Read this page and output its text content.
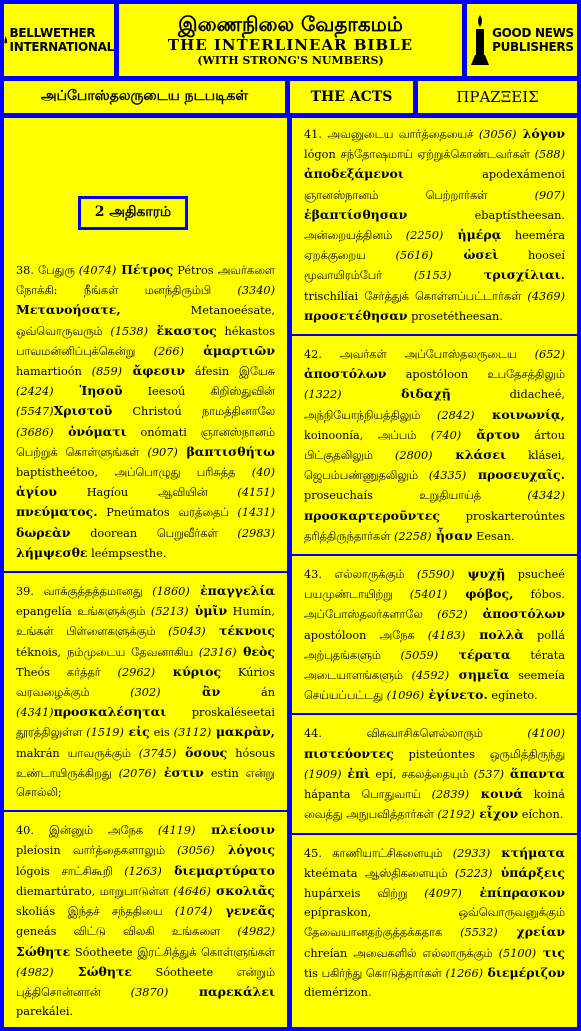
BELLWETHER
INTERNATIONAL
இணைநிலை வேதாகமம்
THE INTERLINEAR BIBLE
(WITH STRONG'S NUMBERS)
GOOD NEWS
PUBLISHERS
அப்போஸ்தலருடைய நடபடிகள்	THE ACTS	ΠΡΑΖΞΕΙΣ

38. பேதுரு (4074) Πέτρος Pétros அவர்களை நோக்கி: நீங்கள் மனந்திரும்பி (3340) Μετανοήσατε, Metanoeésate, ஒவ்வொருவரும் (1538) ἕκαστος hékastos பாவமன்னிப்புக்கென்று (266) ἁμαρτιῶν hamartioón (859) ἄφεσιν áfesin இயேசு (2424) Ἰησοῦ Ieesoú கிறிஸ்துவின் (5547)Χριστοῦ Christoú நாமத்தினாலே (3686) ὀνόματι onómati ஞானஸ்நானம் பெற்றுக் கொள்ளுங்கள் (907) βαπτισθήτω baptistheétoo, அப்பொழுது பரிசுத்த (40) ἁγίου Hagíou ஆவியின் (4151) πνεύματος. Pneúmatos வரத்தைப் (1431) δωρεὰν doorean பெறுவீர்கள் (2983) λήμψεσθε leémpsesthe.

39. வாக்குத்தத்தமானது (1860) ἐπαγγελία epangelía உங்களுக்கும் (5213) ὑμῖν Humín, உங்கள் பிள்ளைகளுக்கும் (5043) τέκνοις téknois, நம்முடைய தேவனாகிய (2316) θεὸς Theós கர்த்தர் (2962) κύριος Kúrios வரவழைக்கும் (302) ἂν án (4341)προσκαλέσηται proskaléseetai தூரத்திலுள்ள (1519) εἰς eis (3112) μακρὰν, makrán யாவருக்கும் (3745) ὅσους hósous உண்டாயிருக்கிறது (2076) ἐστιν estin என்று சொல்லி;

40. இன்னும் அநேக (4119) πλείοσιν pleíosin வார்த்தைகளாலும் (3056) λόγοις lógois சாட்சிகூறி (1263) διεμαρτύρατο diemartúrato, மாறுபாடுள்ள (4646) σκολιᾶς skoliás இந்தச் சந்ததியை (1074) γενεᾶς geneás விட்டு விலகி உங்களை (4982) Σώθητε Sóotheete இரட்சித்துக் கொள்ளுங்கள் (4982) Σώθητε Sóotheete என்றும் புத்திசொன்னான் (3870) παρεκάλει parekálei.

2 அதிகாரம்

41. அவனுடைய வார்த்தையைச் (3056) λόγον lógon சந்தோஷமாய் ஏற்றுக்கொண்டவர்கள் (588) ἀποδεξάμενοι apodexámenoi ஞானஸ்நானம் பெற்றார்கள் (907) ἐβαπτίσθησαν ebaptístheesan. அன்றையத்தினம் (2250) ἡμέρᾳ heeméra ஏறக்குறைய (5616) ὡσεὶ hooseí மூவாயிரம்பேர் (5153) τρισχίλιαι. trischílíai சேர்த்துக் கொள்ளப்பட்டார்கள் (4369) προσετέθησαν prosetétheesan.

42. அவர்கள் அப்போஸ்தலருடைய (652) ἀποστόλων apostóloon உபதேசத்திலும் (1322) διδαχῇ didacheé, அந்நியோந்நியத்திலும் (2842) κοινωνίᾳ, koinoonía, அப்பம் (740) ἄρτου ártou பிட்குதலிலும் (2800) κλάσει klásei, ஜெபம்பண்ணுதலிலும் (4335) προσευχαῖς. proseuchaís உறுதியாய்த் (4342) προσκαρτεροῦντες proskarteroúntes தரித்திருந்தார்கள் (2258) ἦσαν Eesan.

43. எல்லாருக்கும் (5590) ψυχῇ psucheé பயமுண்டாயிற்று (5401) φόβος, fóbos. அப்போஸ்தலர்களாலே (652) ἀποστόλων apostóloon அநேக (4183) πολλὰ pollá அற்புதங்களும் (5059) τέρατα térata அடையாளங்களும் (4592) σημεῖα seemeía செய்யப்பட்டது (1096) ἐγίνετο. egíneto.

44. விசுவாசிகளெல்லாரும் (4100) πιστεύοντες pisteúontes ஒருமித்திருந்து (1909) ἐπὶ epí, சகலத்தையும் (537) ἅπαντα hápanta பொதுவாய் (2839) κοινά koiná வைத்து அநுபவித்தார்கள் (2192) εἶχον eíchon.

45. காணியாட்சிகளையும் (2933) κτήματα kteémata ஆஸ்திகளையும் (5223) ὑπάρξεις hupárxeis விற்று (4097) ἐπίπρασκον epípraskon, ஒவ்வொருவனுக்கும் தேவையானதற்குத்தக்கதாக (5532) χρείαν chreían அவைகளில் எல்லாருக்கும் (5100) τις tis பகிர்ந்து கொடுத்தார்கள் (1266) διεμέριζον diemérizon.
